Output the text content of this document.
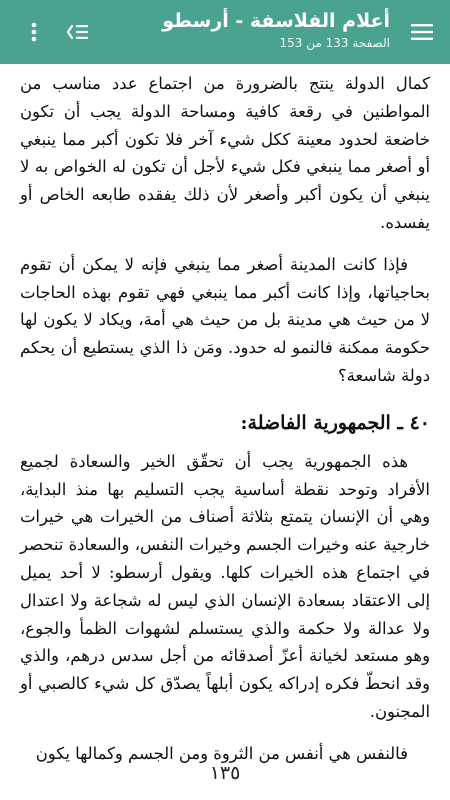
أعلام الفلاسفة - أرسطو
الصفحة 133 من 153

كمال الدولة ينتج بالضرورة من اجتماع عدد مناسب من المواطنين في رقعة كافية ومساحة الدولة يجب أن تكون خاضعة لحدود معينة ككل شيء آخر فلا تكون أكبر مما ينبغي أو أصغر مما ينبغي فكل شيء لأجل أن تكون له الخواص به لا ينبغي أن يكون أكبر وأصغر لأن ذلك يفقده طابعه الخاص أو يفسده.

فإذا كانت المدينة أصغر مما ينبغي فإنه لا يمكن أن تقوم بحاجياتها، وإذا كانت أكبر مما ينبغي فهي تقوم بهذه الحاجات لا من حيث هي مدينة بل من حيث هي أمة، ويكاد لا يكون لها حكومة ممكنة فالنمو له حدود. ومَن ذا الذي يستطيع أن يحكم دولة شاسعة؟

٤٠ ـ الجمهورية الفاضلة:

هذه الجمهورية يجب أن تحقّق الخير والسعادة لجميع الأفراد وتوحد نقطة أساسية يجب التسليم بها منذ البداية، وهي أن الإنسان يتمتع بثلاثة أصناف من الخيرات هي خيرات خارجية عنه وخيرات الجسم وخيرات النفس، والسعادة تنحصر في اجتماع هذه الخيرات كلها. ويقول أرسطو: لا أحد يميل إلى الاعتقاد بسعادة الإنسان الذي ليس له شجاعة ولا اعتدال ولا عدالة ولا حكمة والذي يستسلم لشهوات الظمأ والجوع، وهو مستعد لخيانة أعزّ أصدقائه من أجل سدس درهم، والذي وقد انحطّ فكره إدراكه يكون أبلهاً يصدّق كل شيء كالصبي أو المجنون.

فالنفس هي أنفس من الثروة ومن الجسم وكمالها يكون

١٣٥
